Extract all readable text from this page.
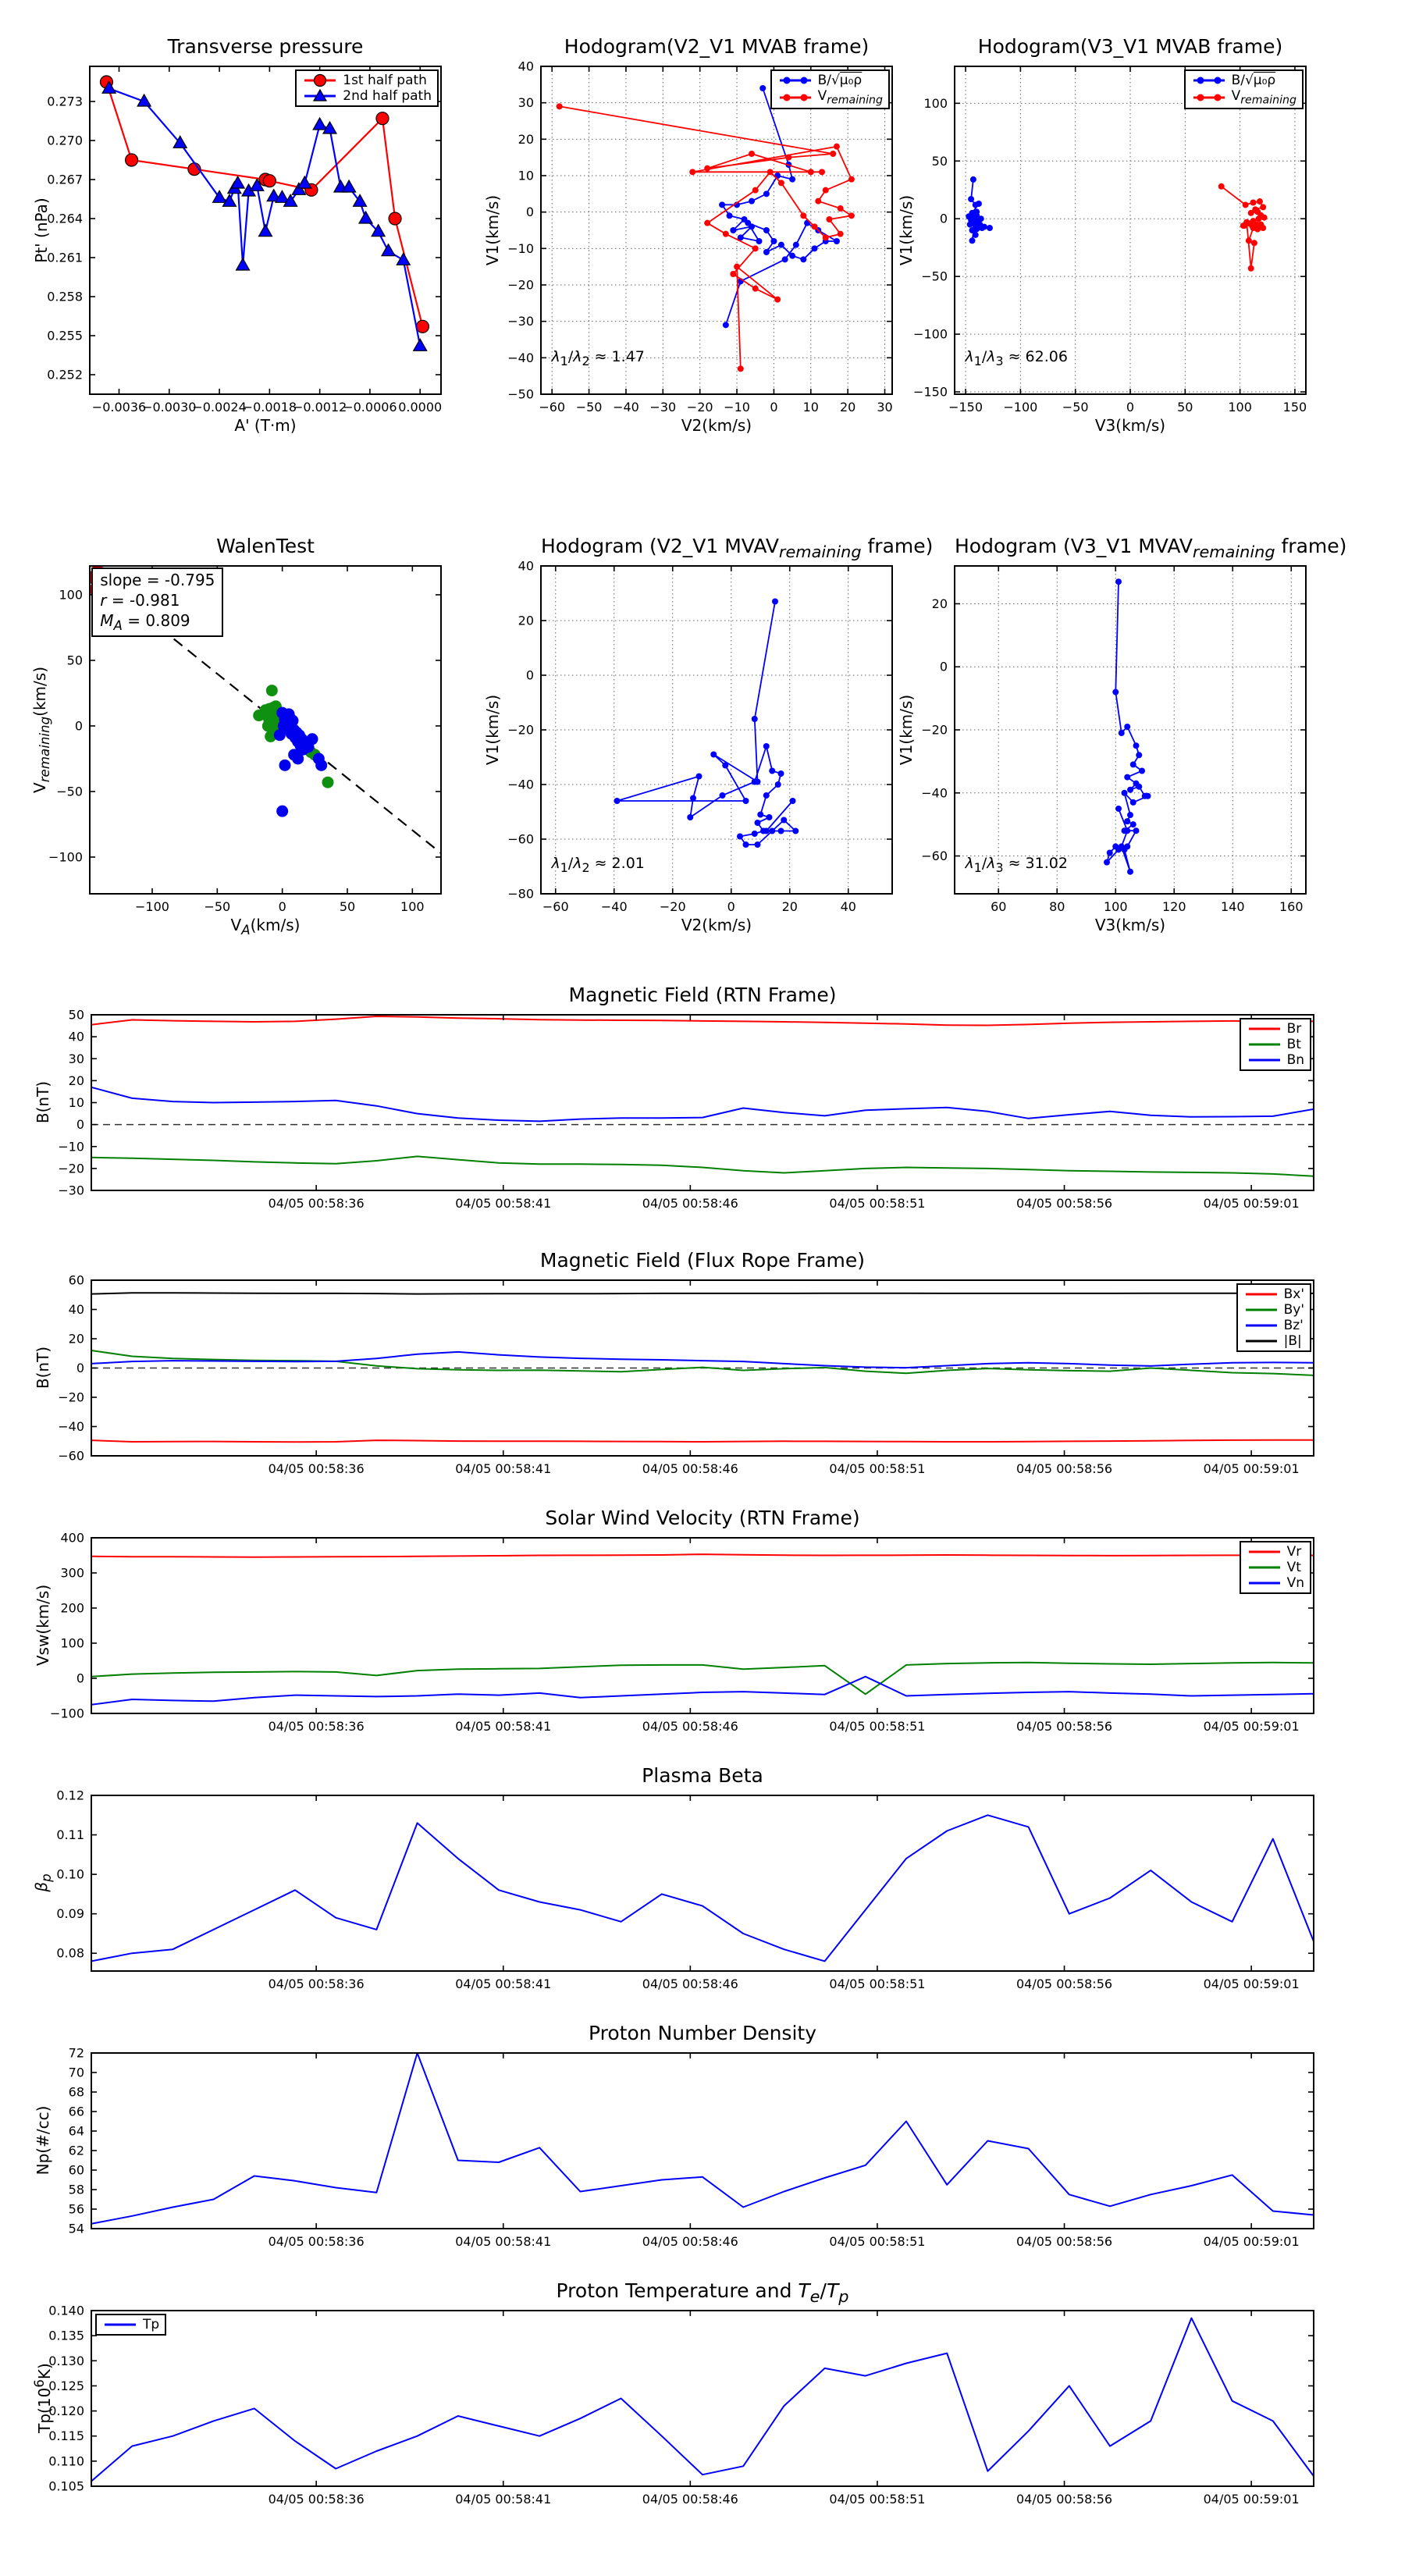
Transverse pressure
Pt' (nPa)
−0.0036
−0.0030
−0.0024
−0.0018
−0.0012
−0.0006 0.0000
0.252
0.255
0.258
0.261
0.264
0.267
0.270
0.273
A' (T·m)
1st half path
2nd half path
Hodogram(V2_V1 MVAB frame)
V1(km/s)
−60 −50 −40 −30 −20 −10 0 10 20 30
−50
−40
−30
−20
−10
0
10
20
30
40
V2(km/s)
B/√μ₀ρ
$V_{remaining}$
$\lambda_1/\lambda_2 \approx 1.47$
Hodogram(V3_V1 MVAB frame)
V1(km/s)
−150 −100 −50	0	50	100 150
−150
−100
−50
0
50
100
V3(km/s)
B/√μ₀ρ
$V_{remaining}$
$\lambda_1/\lambda_3 \approx 62.06$
WalenTest
$V_{remaining}(km/s)$
−100	−50	0	50	100
−100
−50
0
50
100
$V_A(km/s)$
slope = -0.795
r = -0.981
$M_A = 0.809$
Hodogram (V2_V1 $MVAV_{remaining}$ frame)
V1(km/s)
−60	−40	−20	0	20	40
−80
−60
−40
−20
0
20
40
V2(km/s)
$\lambda_1/\lambda_2 \approx 2.01$
Hodogram (V3_V1 $MVAV_{remaining}$ frame)
V1(km/s)
60	80	100	120	140	160
−60
−40
−20
0
20
V3(km/s)
$\lambda_1/\lambda_3 \approx 31.02$
Magnetic Field (RTN Frame)
B(nT)
04/05 00:58:36	04/05 00:58:41	04/05 00:58:46	04/05 00:58:51	04/05 00:58:56	04/05 00:59:01
−30
−20
−10
0
10
20
30
40
50
Br
Bt
Bn
Magnetic Field (Flux Rope Frame)
B(nT)
04/05 00:58:36	04/05 00:58:41	04/05 00:58:46	04/05 00:58:51	04/05 00:58:56	04/05 00:59:01
−60
−40
−20
0
20
40
60
Bx'
By'
Bz'
|B|
Solar Wind Velocity (RTN Frame)
Vsw(km/s)
04/05 00:58:36	04/05 00:58:41	04/05 00:58:46	04/05 00:58:51	04/05 00:58:56	04/05 00:59:01
−100
0
100
200
300
400
Vr
Vt
Vn
Plasma Beta
$\beta_p$
04/05 00:58:36	04/05 00:58:41	04/05 00:58:46	04/05 00:58:51	04/05 00:58:56	04/05 00:59:01
0.08
0.09
0.10
0.11
0.12
Proton Number Density
Np(#/cc)
04/05 00:58:36	04/05 00:58:41	04/05 00:58:46	04/05 00:58:51	04/05 00:58:56	04/05 00:59:01
54
56
58
60
62
64
66
68
70
72
Proton Temperature and $T_e/T_p$
$Tp(10^6K)$
04/05 00:58:36	04/05 00:58:41	04/05 00:58:46	04/05 00:58:51	04/05 00:58:56	04/05 00:59:01
0.105
0.110
0.115
0.120
0.125
0.130
0.135
0.140
Tp
